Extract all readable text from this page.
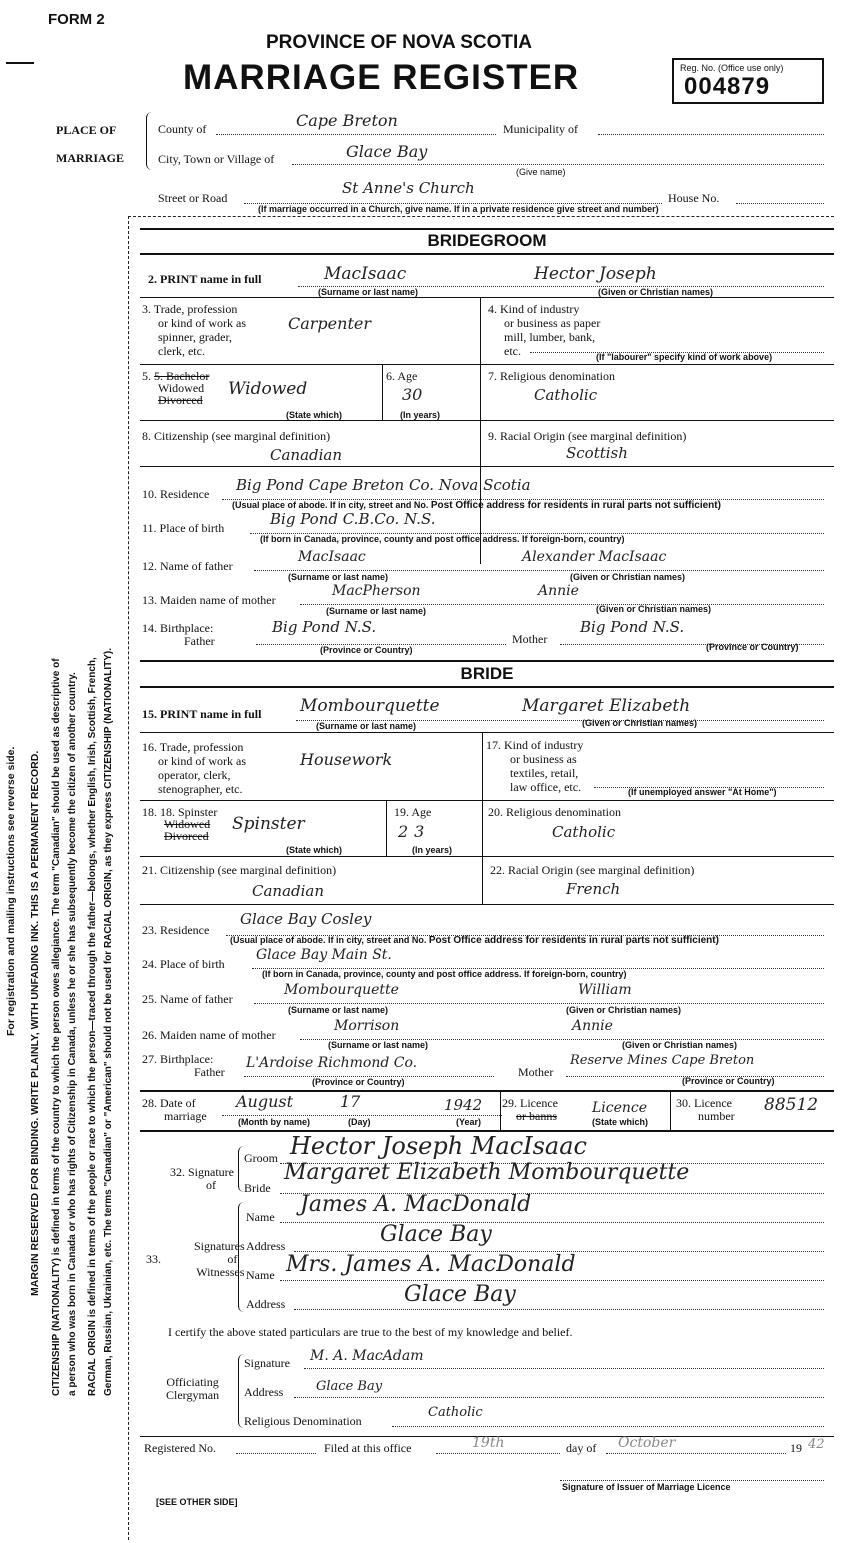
FORM 2
PROVINCE OF NOVA SCOTIA
MARRIAGE REGISTER	Reg. No. (Office use only)
004879
PLACE OF
MARRIAGE
County of	Cape Breton	Municipality of
City, Town or Village of	Glace Bay
(Give name)
Street or Road
St Anne's Church
House No.
(If marriage occurred in a Church, give name. If in a private residence give street and number)
For registration and mailing instructions see reverse side. MARGIN RESERVED FOR BINDING. WRITE PLAINLY, WITH UNFADING INK. THIS IS A PERMANENT RECORD. CITIZENSHIP (NATIONALITY) is defined in terms of the country to which the person owes allegiance. The term "Canadian" should be used as descriptive of a person who was born in Canada or who has rights of Citizenship in Canada, unless he or she has subsequently become the citizen of another country. RACIAL ORIGIN is defined in terms of the people or race to which the person—traced through the father—belongs, whether English, Irish, Scottish, French, German, Russian, Ukrainian, etc. The terms "Canadian" or "American" should not be used for RACIAL ORIGIN, as they express CITIZENSHIP (NATIONALITY).
BRIDEGROOM
2. PRINT name in full	MacIsaac	Hector Joseph
(Surname or last name)	(Given or Christian names)
3. Trade, profession
or kind of work as
spinner, grader,
clerk, etc.
Carpenter
4. Kind of industry
or business as paper
mill, lumber, bank,
etc.	(If "labourer" specify kind of work above)
5. 5. Bachelor
Widowed
Divorced
Widowed
(State which)
6. Age
30
(In years)
7. Religious denomination
Catholic
8. Citizenship (see marginal definition)
Canadian
9. Racial Origin (see marginal definition)
Scottish
10. Residence Big Pond Cape Breton Co. Nova Scotia
(Usual place of abode. If in city, street and No. Post Office address for residents in rural parts not sufficient)
11. Place of birth	Big Pond C.B.Co. N.S.
(If born in Canada, province, county and post office address. If foreign-born, country)
12. Name of father
MacIsaac	Alexander MacIsaac
(Surname or last name)	(Given or Christian names)
13. Maiden name of mother
MacPherson	Annie
(Surname or last name)	(Given or Christian names)
14. Birthplace:
Father
Big Pond N.S.
Mother
Big Pond N.S.
(Province or Country)	(Province or Country)
BRIDE
15. PRINT name in full Mombourquette	Margaret Elizabeth
(Surname or last name)	(Given or Christian names)
16. Trade, profession
or kind of work as
operator, clerk,
stenographer, etc.
Housework
17. Kind of industry
or business as
textiles, retail,
law office, etc.	(If unemployed answer "At Home")
18. 18. Spinster
Widowed
Divorced
Spinster
(State which)
19. Age
23
(In years)
20. Religious denomination
Catholic
21. Citizenship (see marginal definition)
Canadian
22. Racial Origin (see marginal definition)
French
23. Residence
Glace Bay Cosley
(Usual place of abode. If in city, street and No. Post Office address for residents in rural parts not sufficient)
24. Place of birth
Glace Bay Main St.
(If born in Canada, province, county and post office address. If foreign-born, country)
25. Name of father
Mombourquette	William
(Surname or last name)	(Given or Christian names)
26. Maiden name of mother
Morrison	Annie
(Surname or last name)	(Given or Christian names)
27. Birthplace:
Father
L'Ardoise Richmond Co.
Mother
Reserve Mines Cape Breton
(Province or Country)	(Province or Country)
28. Date of
marriage
August	17	1942
(Month by name)	(Day)	(Year)
29. Licence
or banns	Licence
(State which)
30. Licence
number
88512
32. Signature
of
Groom Hector Joseph MacIsaac
Bride
Margaret Elizabeth Mombourquette
Signatures
of
Witnesses
33.
Name James A. MacDonald
Address	Glace Bay
Name Mrs. James A. MacDonald
Address	Glace Bay
I certify the above stated particulars are true to the best of my knowledge and belief.
Officiating
Clergyman
Signature M. A. MacAdam
Address	Glace Bay
Religious Denomination
Catholic
Registered No.	Filed at this office	19th	day of October	19 42
Signature of Issuer of Marriage Licence
[SEE OTHER SIDE]
